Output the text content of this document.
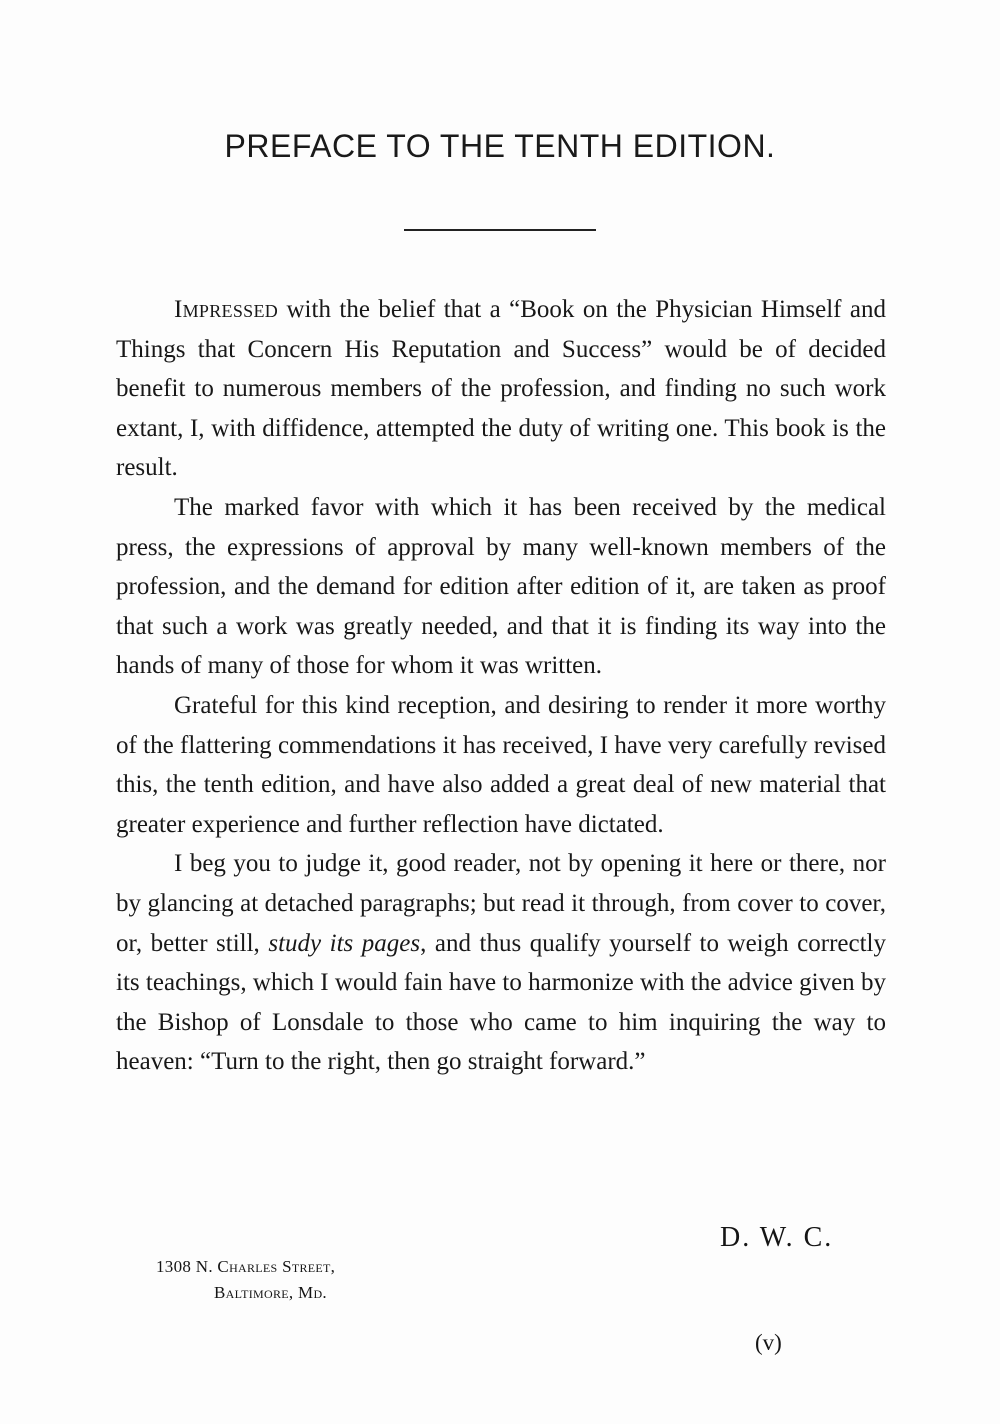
PREFACE TO THE TENTH EDITION.

Impressed with the belief that a “Book on the Physician Himself and Things that Concern His Reputation and Success” would be of decided benefit to numerous members of the profession, and finding no such work extant, I, with diffidence, attempted the duty of writing one. This book is the result.

The marked favor with which it has been received by the medical press, the expressions of approval by many well-known members of the profession, and the demand for edition after edition of it, are taken as proof that such a work was greatly needed, and that it is finding its way into the hands of many of those for whom it was written.

Grateful for this kind reception, and desiring to render it more worthy of the flattering commendations it has received, I have very carefully revised this, the tenth edition, and have also added a great deal of new material that greater experience and further reflection have dictated.

I beg you to judge it, good reader, not by opening it here or there, nor by glancing at detached paragraphs; but read it through, from cover to cover, or, better still, study its pages, and thus qualify yourself to weigh correctly its teachings, which I would fain have to harmonize with the advice given by the Bishop of Lonsdale to those who came to him inquiring the way to heaven: “Turn to the right, then go straight forward.”

D. W. C.
1308 N. Charles Street,
Baltimore, Md.
(v)
